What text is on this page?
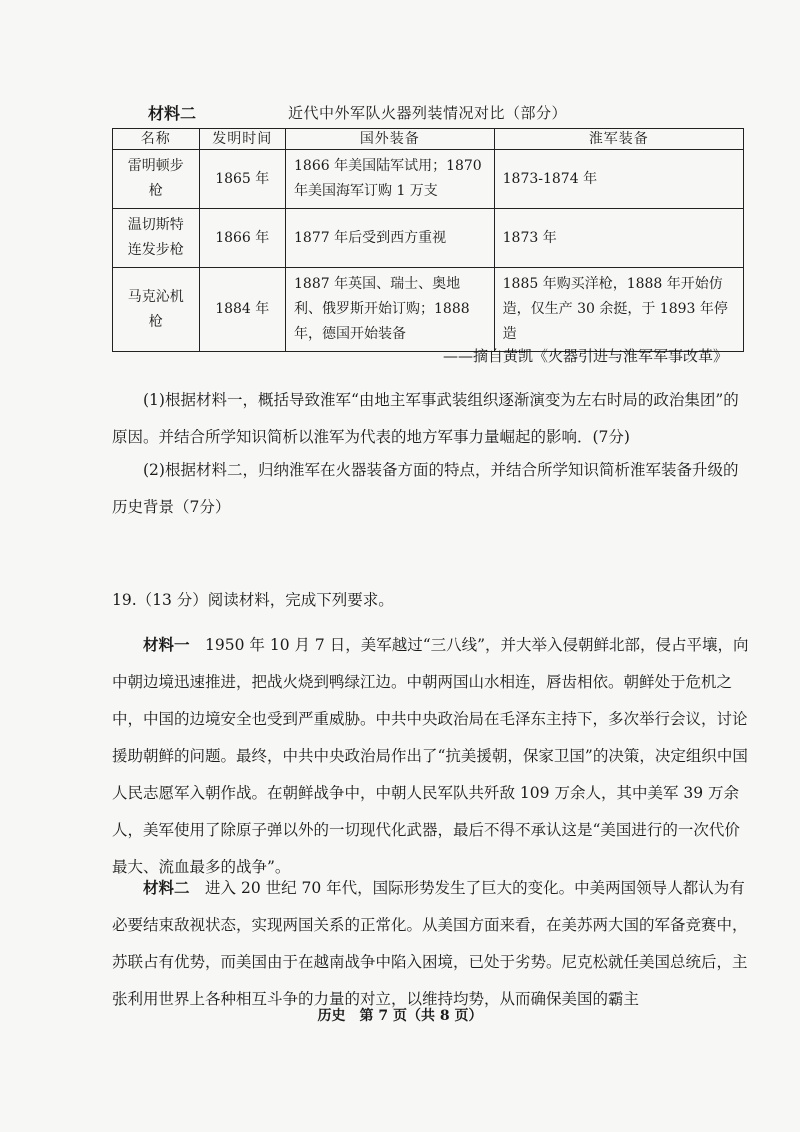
材料二	近代中外军队火器列装情况对比（部分）
名称	发明时间	国外装备	淮军装备
雷明顿步枪	1865 年	1866 年美国陆军试用；1870 年美国海军订购 1 万支	1873-1874 年
温切斯特连发步枪	1866 年	1877 年后受到西方重视	1873 年
马克沁机枪	1884 年	1887 年英国、瑞士、奥地利、俄罗斯开始订购；1888 年，德国开始装备	1885 年购买洋枪，1888 年开始仿造，仅生产 30 余挺，于 1893 年停造
——摘自黄凯《火器引进与淮军军事改革》

(1)根据材料一，概括导致淮军“由地主军事武装组织逐渐演变为左右时局的政治集团”的原因。并结合所学知识简析以淮军为代表的地方军事力量崛起的影响．(7分)

(2)根据材料二，归纳淮军在火器装备方面的特点，并结合所学知识简析淮军装备升级的历史背景（7分）

19.（13 分）阅读材料，完成下列要求。

材料一　 1950 年 10 月 7 日，美军越过“三八线”，并大举入侵朝鲜北部，侵占平壤，向中朝边境迅速推进，把战火烧到鸭绿江边。中朝两国山水相连，唇齿相依。朝鲜处于危机之中，中国的边境安全也受到严重威胁。中共中央政治局在毛泽东主持下，多次举行会议，讨论援助朝鲜的问题。最终，中共中央政治局作出了“抗美援朝，保家卫国”的决策，决定组织中国人民志愿军入朝作战。在朝鲜战争中，中朝人民军队共歼敌 109 万余人，其中美军 39 万余人，美军使用了除原子弹以外的一切现代化武器，最后不得不承认这是“美国进行的一次代价最大、流血最多的战争”。

材料二　 进入 20 世纪 70 年代，国际形势发生了巨大的变化。中美两国领导人都认为有必要结束敌视状态，实现两国关系的正常化。从美国方面来看，在美苏两大国的军备竞赛中，苏联占有优势，而美国由于在越南战争中陷入困境，已处于劣势。尼克松就任美国总统后，主张利用世界上各种相互斗争的力量的对立，以维持均势，从而确保美国的霸主

历史　第 7 页（共 8 页）
